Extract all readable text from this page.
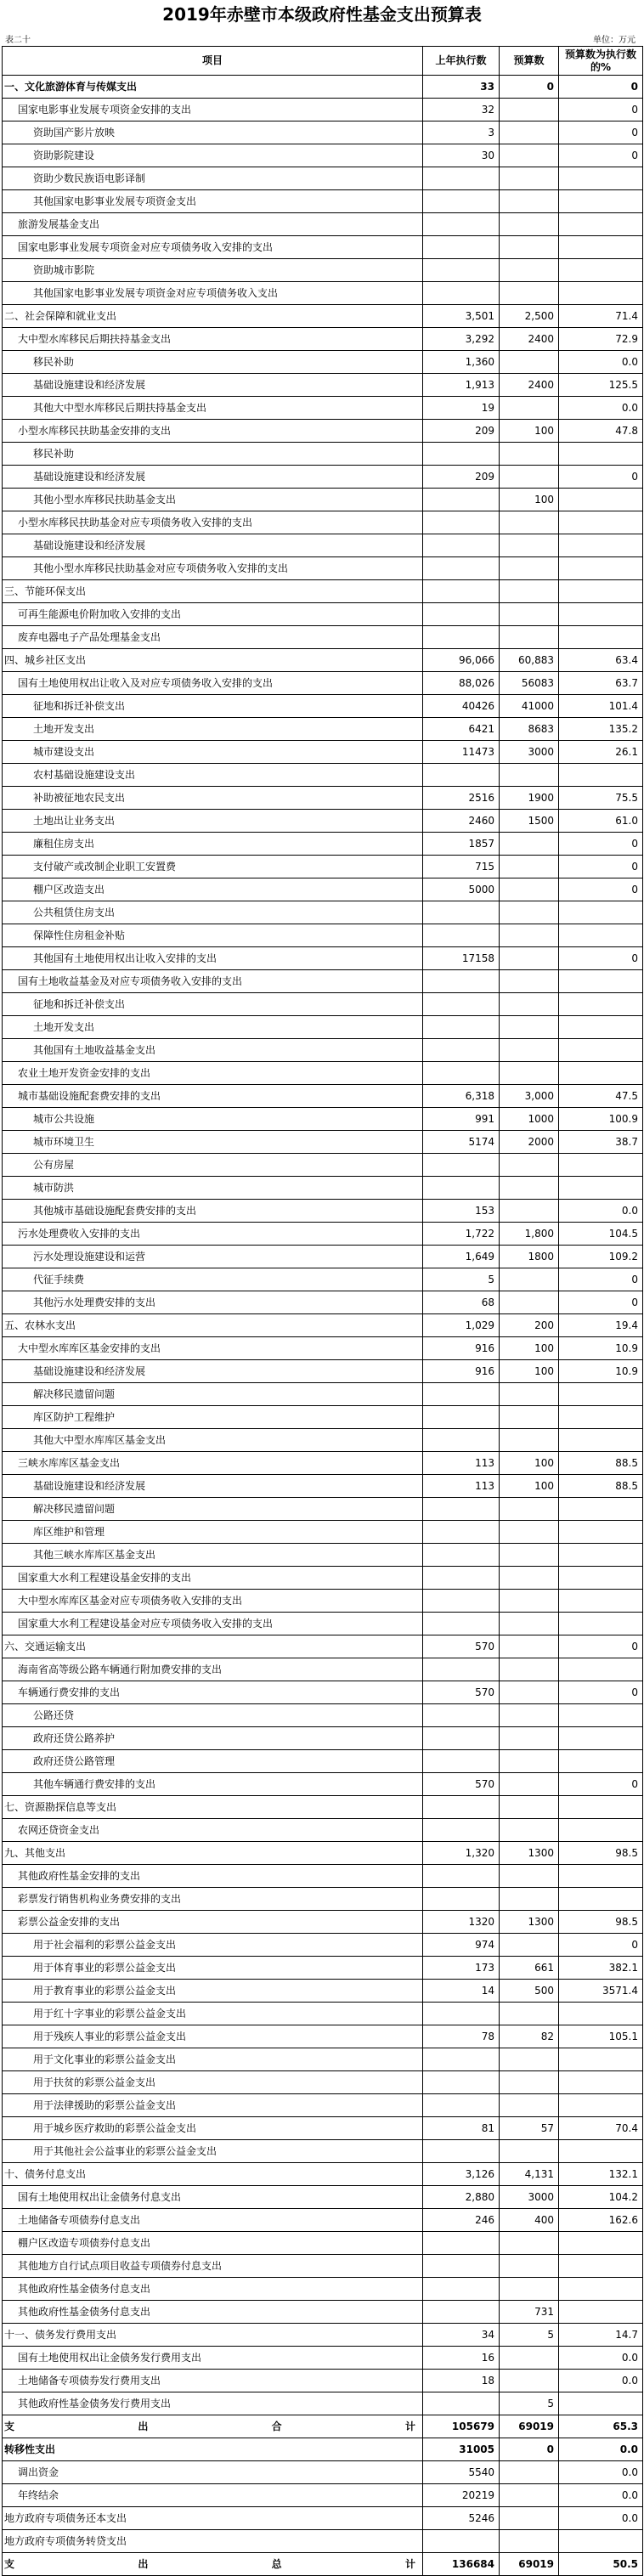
2019年赤壁市本级政府性基金支出预算表
表二十	单位：万元
项目	上年执行数	预算数	预算数为执行数的%
一、文化旅游体育与传媒支出	33	0	0
国家电影事业发展专项资金安排的支出	32		0
资助国产影片放映	3		0
资助影院建设	30		0
资助少数民族语电影译制			
其他国家电影事业发展专项资金支出			
旅游发展基金支出			
国家电影事业发展专项资金对应专项债务收入安排的支出			
资助城市影院			
其他国家电影事业发展专项资金对应专项债务收入支出			
二、社会保障和就业支出	3,501	2,500	71.4
大中型水库移民后期扶持基金支出	3,292	2400	72.9
移民补助	1,360		0.0
基础设施建设和经济发展	1,913	2400	125.5
其他大中型水库移民后期扶持基金支出	19		0.0
小型水库移民扶助基金安排的支出	209	100	47.8
移民补助			
基础设施建设和经济发展	209		0
其他小型水库移民扶助基金支出		100	
小型水库移民扶助基金对应专项债务收入安排的支出			
基础设施建设和经济发展			
其他小型水库移民扶助基金对应专项债务收入安排的支出			
三、节能环保支出			
可再生能源电价附加收入安排的支出			
废弃电器电子产品处理基金支出			
四、城乡社区支出	96,066	60,883	63.4
国有土地使用权出让收入及对应专项债务收入安排的支出	88,026	56083	63.7
征地和拆迁补偿支出	40426	41000	101.4
土地开发支出	6421	8683	135.2
城市建设支出	11473	3000	26.1
农村基础设施建设支出			
补助被征地农民支出	2516	1900	75.5
土地出让业务支出	2460	1500	61.0
廉租住房支出	1857		0
支付破产或改制企业职工安置费	715		0
棚户区改造支出	5000		0
公共租赁住房支出			
保障性住房租金补贴			
其他国有土地使用权出让收入安排的支出	17158		0
国有土地收益基金及对应专项债务收入安排的支出			
征地和拆迁补偿支出			
土地开发支出			
其他国有土地收益基金支出			
农业土地开发资金安排的支出			
城市基础设施配套费安排的支出	6,318	3,000	47.5
城市公共设施	991	1000	100.9
城市环境卫生	5174	2000	38.7
公有房屋			
城市防洪			
其他城市基础设施配套费安排的支出	153		0.0
污水处理费收入安排的支出	1,722	1,800	104.5
污水处理设施建设和运营	1,649	1800	109.2
代征手续费	5		0
其他污水处理费安排的支出	68		0
五、农林水支出	1,029	200	19.4
大中型水库库区基金安排的支出	916	100	10.9
基础设施建设和经济发展	916	100	10.9
解决移民遗留问题			
库区防护工程维护			
其他大中型水库库区基金支出			
三峡水库库区基金支出	113	100	88.5
基础设施建设和经济发展	113	100	88.5
解决移民遗留问题			
库区维护和管理			
其他三峡水库库区基金支出			
国家重大水利工程建设基金安排的支出			
大中型水库库区基金对应专项债务收入安排的支出			
国家重大水利工程建设基金对应专项债务收入安排的支出			
六、交通运输支出	570		0
海南省高等级公路车辆通行附加费安排的支出			
车辆通行费安排的支出	570		0
公路还贷			
政府还贷公路养护			
政府还贷公路管理			
其他车辆通行费安排的支出	570		0
七、资源勘探信息等支出			
农网还贷资金支出			
九、其他支出	1,320	1300	98.5
其他政府性基金安排的支出			
彩票发行销售机构业务费安排的支出			
彩票公益金安排的支出	1320	1300	98.5
用于社会福利的彩票公益金支出	974		0
用于体育事业的彩票公益金支出	173	661	382.1
用于教育事业的彩票公益金支出	14	500	3571.4
用于红十字事业的彩票公益金支出			
用于残疾人事业的彩票公益金支出	78	82	105.1
用于文化事业的彩票公益金支出			
用于扶贫的彩票公益金支出			
用于法律援助的彩票公益金支出			
用于城乡医疗救助的彩票公益金支出	81	57	70.4
用于其他社会公益事业的彩票公益金支出			
十、债务付息支出	3,126	4,131	132.1
国有土地使用权出让金债务付息支出	2,880	3000	104.2
土地储备专项债券付息支出	246	400	162.6
棚户区改造专项债券付息支出			
其他地方自行试点项目收益专项债券付息支出			
其他政府性基金债务付息支出			
其他政府性基金债务付息支出		731	
十一、债务发行费用支出	34	5	14.7
国有土地使用权出让金债务发行费用支出	16		0.0
土地储备专项债券发行费用支出	18		0.0
其他政府性基金债务发行费用支出		5	

支 出 合 计	105679	69019	65.3
转移性支出	31005	0	0.0
调出资金	5540		0.0
年终结余	20219		0.0
地方政府专项债务还本支出	5246		0.0
地方政府专项债务转贷支出			

支 出 总 计	136684	69019	50.5
